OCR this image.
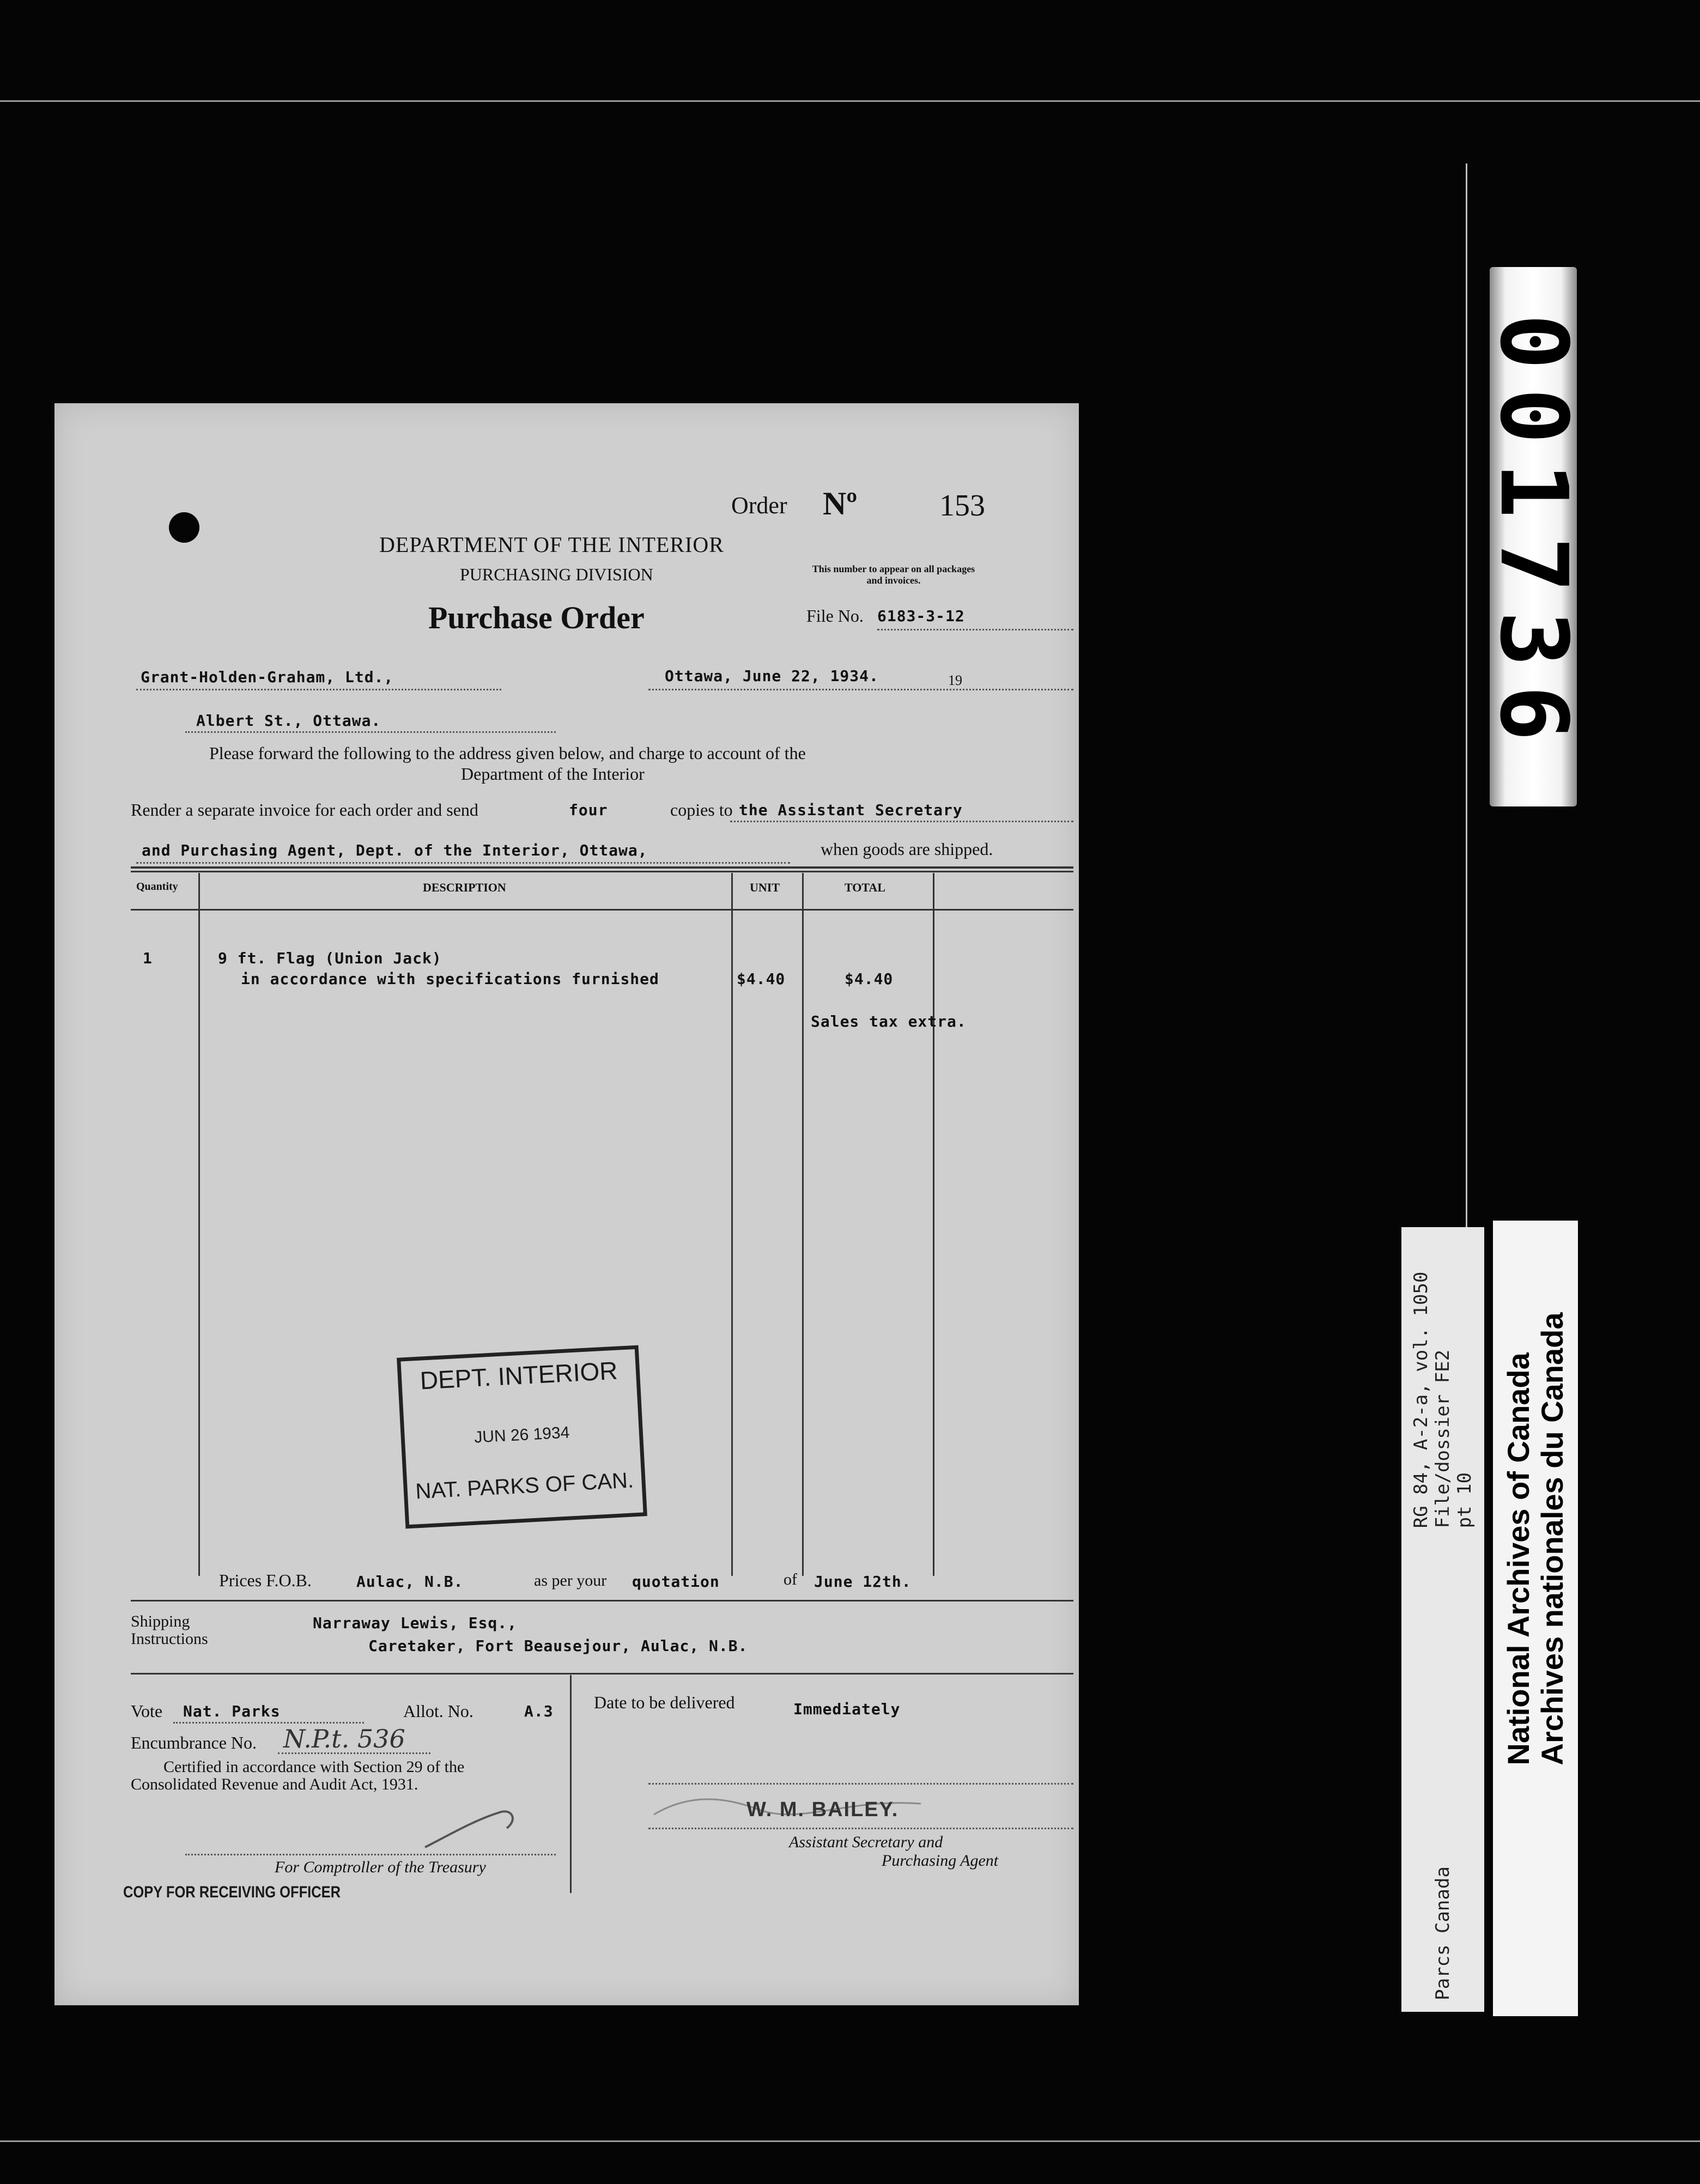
001736
RG 84, A-2-a, vol. 1050 File/dossier FE2 pt 10
Parcs Canada
National Archives of Canada Archives nationales du Canada
Order Nº	153
DEPARTMENT OF THE INTERIOR
PURCHASING DIVISION	This number to appear on all packages
and invoices.
Purchase Order	File No. 6183-3-12
Grant-Holden-Graham, Ltd.,	Ottawa, June 22, 1934.	19
Albert St., Ottawa.
Please forward the following to the address given below, and charge to account of the
Department of the Interior
Render a separate invoice for each order and send	four	copies to the Assistant Secretary
and Purchasing Agent, Dept. of the Interior, Ottawa,	when goods are shipped.
Quantity	DESCRIPTION	UNIT	TOTAL
1	9 ft. Flag (Union Jack)
in accordance with specifications furnished	$4.40	$4.40
Sales tax extra.
DEPT. INTERIOR
JUN 26 1934
NAT. PARKS OF CAN.
Prices F.O.B.	Aulac, N.B.	as per your quotation	of June 12th.
Shipping
Instructions
Narraway Lewis, Esq.,
Caretaker, Fort Beausejour, Aulac, N.B.
Vote Nat. Parks	Allot. No.	A.3
Encumbrance No. N.P.t. 536
Certified in accordance with Section 29 of the
Consolidated Revenue and Audit Act, 1931.
For Comptroller of the Treasury
COPY FOR RECEIVING OFFICER
Date to be delivered	Immediately
W. M. BAILEY.
Assistant Secretary and
Purchasing Agent
